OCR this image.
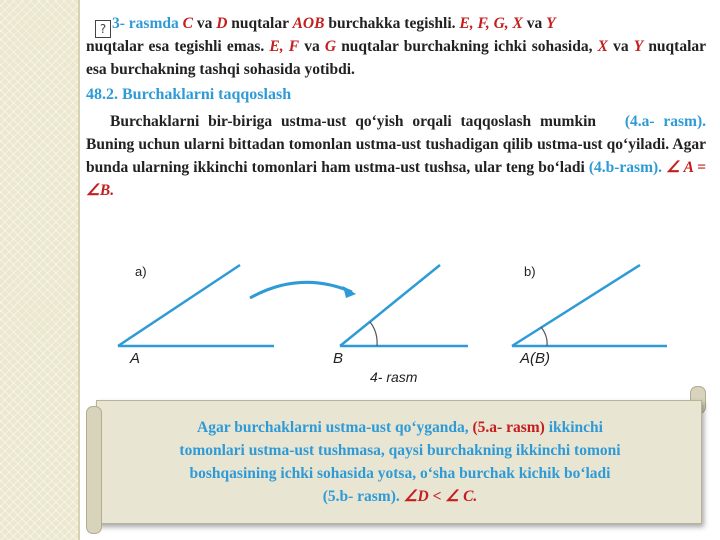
? 3- rasmda C va D nuqtalar AOB burchakka tegishli. E, F, G, X va Y

nuqtalar esa tegishli emas. E, F va G nuqtalar burchakning ichki sohasida, X va Y nuqtalar esa burchakning tashqi sohasida yotibdi.

48.2. Burchaklarni taqqoslash

Burchaklarni bir-biriga ustma-ust qo‘yish orqali taqqoslash mumkin (4.a- rasm). Buning uchun ularni bittadan tomonlan ustma-ust tushadigan qilib ustma-ust qo‘yiladi. Agar bunda ularning ikkinchi tomonlari ham ustma-ust tushsa, ular teng bo‘ladi (4.b-rasm). ∠ A = ∠B.

a)	b)
A	B	A(B)
4- rasm
Agar burchaklarni ustma-ust qo‘yganda, (5.a- rasm) ikkinchi
tomonlari ustma-ust tushmasa, qaysi burchakning ikkinchi tomoni
boshqasining ichki sohasida yotsa, o‘sha burchak kichik bo‘ladi
(5.b- rasm). ∠D < ∠ C.
